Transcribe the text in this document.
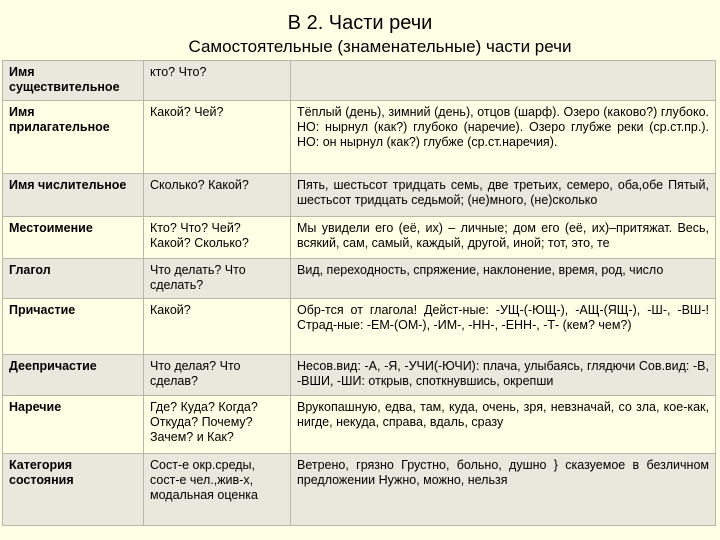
В 2. Части речи
Самостоятельные (знаменательные) части речи
Имя существительное	кто? Что?	
Имя прилагательное	Какой? Чей?	Тёплый (день), зимний (день), отцов (шарф). Озеро (каково?) глубоко. НО: нырнул (как?) глубоко (наречие). Озеро глубже реки (ср.ст.пр.). НО: он нырнул (как?) глубже (ср.ст.наречия).
Имя числительное	Сколько? Какой?	Пять, шестьсот тридцать семь, две третьих, семеро, оба,обе Пятый, шестьсот тридцать седьмой; (не)много, (не)сколько
Местоимение	Кто? Что? Чей? Какой? Сколько?	Мы увидели его (её, их) – личные; дом его (её, их)–притяжат. Весь, всякий, сам, самый, каждый, другой, иной; тот, это, те
Глагол	Что делать? Что сделать?	Вид, переходность, спряжение, наклонение, время, род, число
Причастие	Какой?	Обр-тся от глагола! Дейст-ные: -УЩ-(-ЮЩ-), -АЩ-(ЯЩ-), -Ш-, -ВШ-! Страд-ные: -ЕМ-(ОМ-), -ИМ-, -НН-, -ЕНН-, -Т- (кем? чем?)
Деепричастие	Что делая? Что сделав?	Несов.вид: -А, -Я, -УЧИ(-ЮЧИ): плача, улыбаясь, глядючи Сов.вид: -В, -ВШИ, -ШИ: открыв, споткнувшись, окрепши
Наречие	Где? Куда? Когда? Откуда? Почему? Зачем? и Как?	Врукопашную, едва, там, куда, очень, зря, невзначай, со зла, кое-как, нигде, некуда, справа, вдаль, сразу
Категория состояния	Сост-е окр.среды, сост-е чел.,жив-х, модальная оценка	Ветрено, грязно Грустно, больно, душно } сказуемое в безличном предложении Нужно, можно, нельзя
